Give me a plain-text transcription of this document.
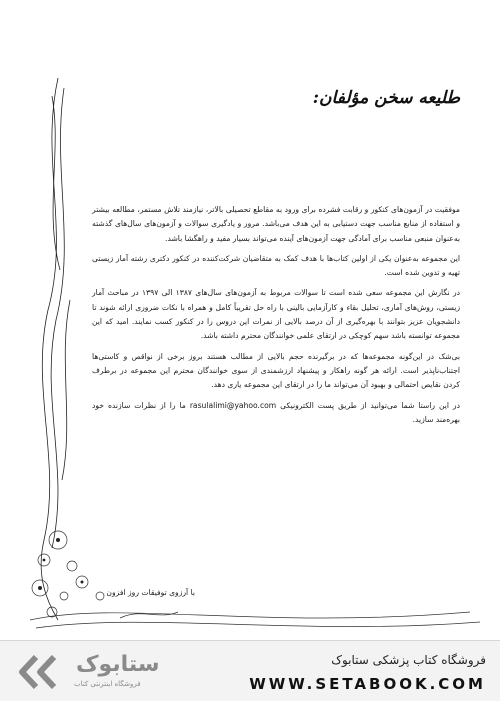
طلیعه سخن مؤلفان:

موفقیت در آزمون‌های کنکور و رقابت فشرده برای ورود به مقاطع تحصیلی بالاتر، نیازمند تلاش مستمر، مطالعه بیشتر و استفاده از منابع مناسب جهت دستیابی به این هدف می‌باشد. مرور و یادگیری سوالات و آزمون‌های سال‌های گذشته به‌عنوان منبعی مناسب برای آمادگی جهت آزمون‌های آینده می‌تواند بسیار مفید و راهگشا باشد.

این مجموعه به‌عنوان یکی از اولین کتاب‌ها با هدف کمک به متقاضیان شرکت‌کننده در کنکور دکتری رشته آمار زیستی تهیه و تدوین شده است.

در نگارش این مجموعه سعی شده است تا سوالات مربوط به آزمون‌های سال‌های ۱۳۸۷ الی ۱۳۹۷ در مباحث آمار زیستی، روش‌های آماری، تحلیل بقاء و کارآزمایی بالینی با راه حل تقریباً کامل و همراه با نکات ضروری ارائه شوند تا دانشجویان عزیز بتوانند با بهره‌گیری از آن درصد بالایی از نمرات این دروس را در کنکور کسب نمایند. امید که این مجموعه توانسته باشد سهم کوچکی در ارتقای علمی خوانندگان محترم داشته باشد.

بی‌شک در این‌گونه مجموعه‌ها که در برگیرنده حجم بالایی از مطالب هستند بروز برخی از نواقص و کاستی‌ها اجتناب‌ناپذیر است. ارائه هر گونه راهکار و پیشنهاد ارزشمندی از سوی خوانندگان محترم این مجموعه در برطرف کردن نقایص احتمالی و بهبود آن می‌تواند ما را در ارتقای این مجموعه یاری دهد.

در این راستا شما می‌توانید از طریق پست الکترونیکی rasulalimi@yahoo.com ما را از نظرات سازنده خود بهره‌مند سازید.

با آرزوی توفیقات روز افزون
ستابوک
فروشگاه اینترنتی کتاب
فروشگاه کتاب پزشکی ستابوک
WWW.SETABOOK.COM
